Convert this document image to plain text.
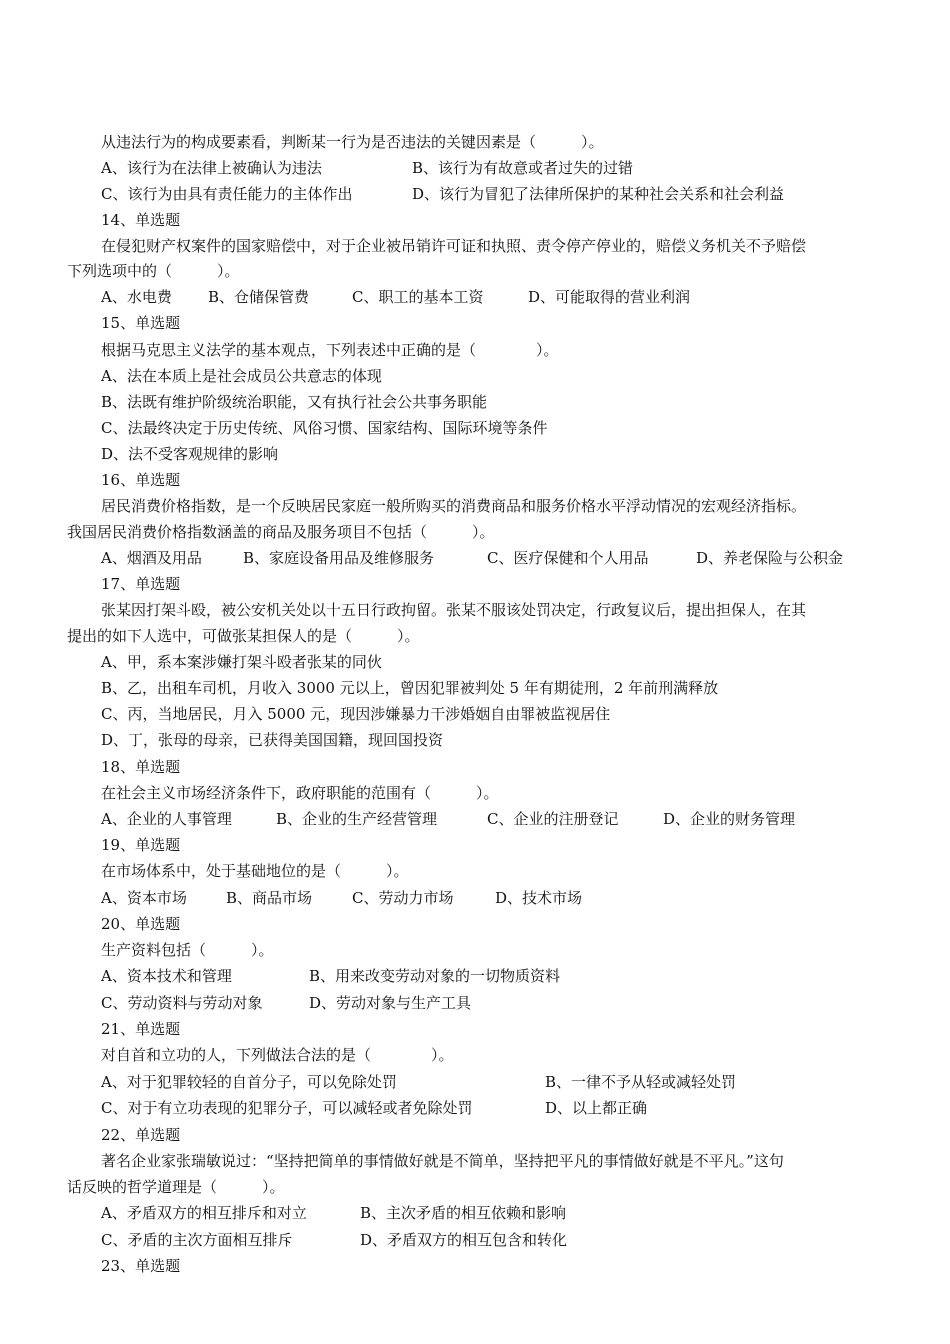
从违法行为的构成要素看，判断某一行为是否违法的关键因素是（　　　）。
A、该行为在法律上被确认为违法	B、该行为有故意或者过失的过错
C、该行为由具有责任能力的主体作出	D、该行为冒犯了法律所保护的某种社会关系和社会利益
14、单选题
在侵犯财产权案件的国家赔偿中，对于企业被吊销许可证和执照、责令停产停业的，赔偿义务机关不予赔偿
下列选项中的（　　　）。
A、水电费 B、仓储保管费	C、职工的基本工资	D、可能取得的营业利润
15、单选题
根据马克思主义法学的基本观点，下列表述中正确的是（　　　　）。
A、法在本质上是社会成员公共意志的体现
B、法既有维护阶级统治职能，又有执行社会公共事务职能
C、法最终决定于历史传统、风俗习惯、国家结构、国际环境等条件
D、法不受客观规律的影响
16、单选题
居民消费价格指数，是一个反映居民家庭一般所购买的消费商品和服务价格水平浮动情况的宏观经济指标。
我国居民消费价格指数涵盖的商品及服务项目不包括（　　　）。
A、烟酒及用品	B、家庭设备用品及维修服务	C、医疗保健和个人用品	D、养老保险与公积金
17、单选题
张某因打架斗殴，被公安机关处以十五日行政拘留。张某不服该处罚决定，行政复议后，提出担保人，在其
提出的如下人选中，可做张某担保人的是（　　　）。
A、甲，系本案涉嫌打架斗殴者张某的同伙
B、乙，出租车司机，月收入 3000 元以上，曾因犯罪被判处 5 年有期徒刑，2 年前刑满释放
C、丙，当地居民，月入 5000 元，现因涉嫌暴力干涉婚姻自由罪被监视居住
D、丁，张母的母亲，已获得美国国籍，现回国投资
18、单选题
在社会主义市场经济条件下，政府职能的范围有（　　　）。
A、企业的人事管理	B、企业的生产经营管理	C、企业的注册登记	D、企业的财务管理
19、单选题
在市场体系中，处于基础地位的是（　　　）。
A、资本市场	B、商品市场	C、劳动力市场	D、技术市场
20、单选题
生产资料包括（　　　）。
A、资本技术和管理	B、用来改变劳动对象的一切物质资料
C、劳动资料与劳动对象	D、劳动对象与生产工具
21、单选题
对自首和立功的人，下列做法合法的是（　　　　）。
A、对于犯罪较轻的自首分子，可以免除处罚	B、一律不予从轻或减轻处罚
C、对于有立功表现的犯罪分子，可以减轻或者免除处罚	D、以上都正确
22、单选题
著名企业家张瑞敏说过：“坚持把简单的事情做好就是不简单，坚持把平凡的事情做好就是不平凡。”这句
话反映的哲学道理是（　　　）。
A、矛盾双方的相互排斥和对立	B、主次矛盾的相互依赖和影响
C、矛盾的主次方面相互排斥	D、矛盾双方的相互包含和转化
23、单选题
